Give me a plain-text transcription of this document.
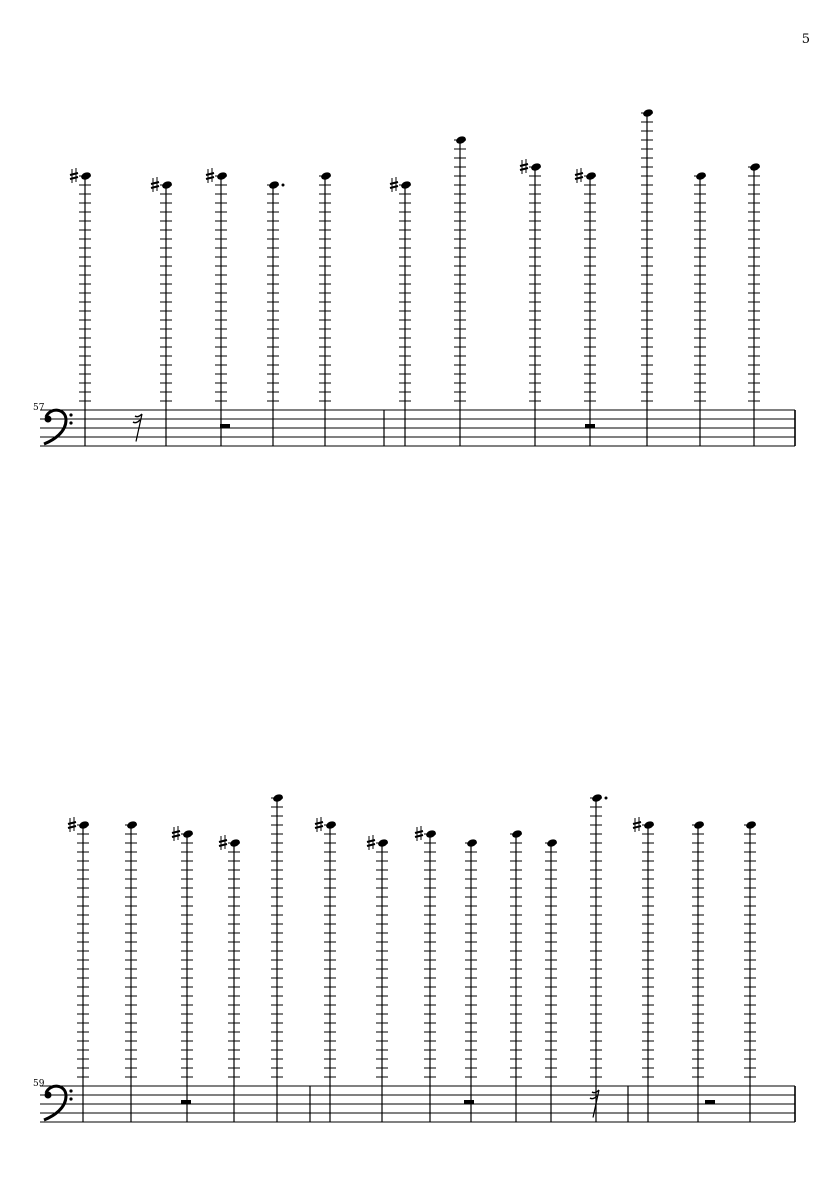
5
57
59
